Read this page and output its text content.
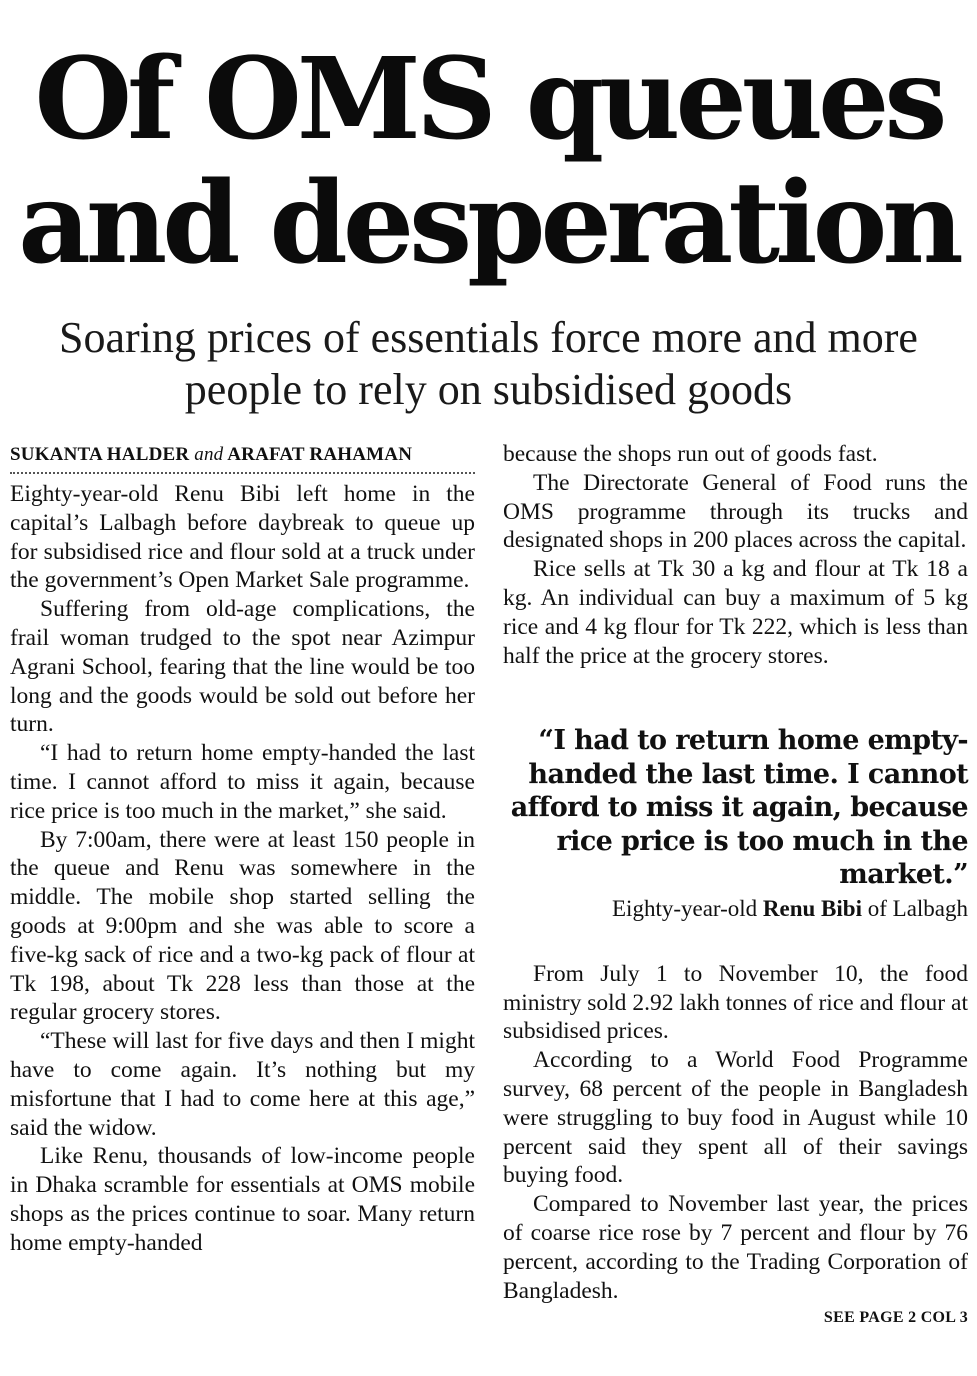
Of OMS queues
and desperation
Soaring prices of essentials force more and more people to rely on subsidised goods
SUKANTA HALDER and ARAFAT RAHAMAN

Eighty-year-old Renu Bibi left home in the capital’s Lalbagh before daybreak to queue up for subsidised rice and flour sold at a truck under the government’s Open Market Sale programme.

Suffering from old-age complications, the frail woman trudged to the spot near Azimpur Agrani School, fearing that the line would be too long and the goods would be sold out before her turn.

“I had to return home empty-handed the last time. I cannot afford to miss it again, because rice price is too much in the market,” she said.

By 7:00am, there were at least 150 people in the queue and Renu was somewhere in the middle. The mobile shop started selling the goods at 9:00pm and she was able to score a five-kg sack of rice and a two-kg pack of flour at Tk 198, about Tk 228 less than those at the regular grocery stores.

“These will last for five days and then I might have to come again. It’s nothing but my misfortune that I had to come here at this age,” said the widow.

Like Renu, thousands of low-income people in Dhaka scramble for essentials at OMS mobile shops as the prices continue to soar. Many return home empty-handed

because the shops run out of goods fast.

The Directorate General of Food runs the OMS programme through its trucks and designated shops in 200 places across the capital.

Rice sells at Tk 30 a kg and flour at Tk 18 a kg. An individual can buy a maximum of 5 kg rice and 4 kg flour for Tk 222, which is less than half the price at the grocery stores.

“I had to return home empty-handed the last time. I cannot afford to miss it again, because rice price is too much in the market.”
Eighty-year-old Renu Bibi of Lalbagh

From July 1 to November 10, the food ministry sold 2.92 lakh tonnes of rice and flour at subsidised prices.

According to a World Food Programme survey, 68 percent of the people in Bangladesh were struggling to buy food in August while 10 percent said they spent all of their savings buying food.

Compared to November last year, the prices of coarse rice rose by 7 percent and flour by 76 percent, according to the Trading Corporation of Bangladesh.

SEE PAGE 2 COL 3
